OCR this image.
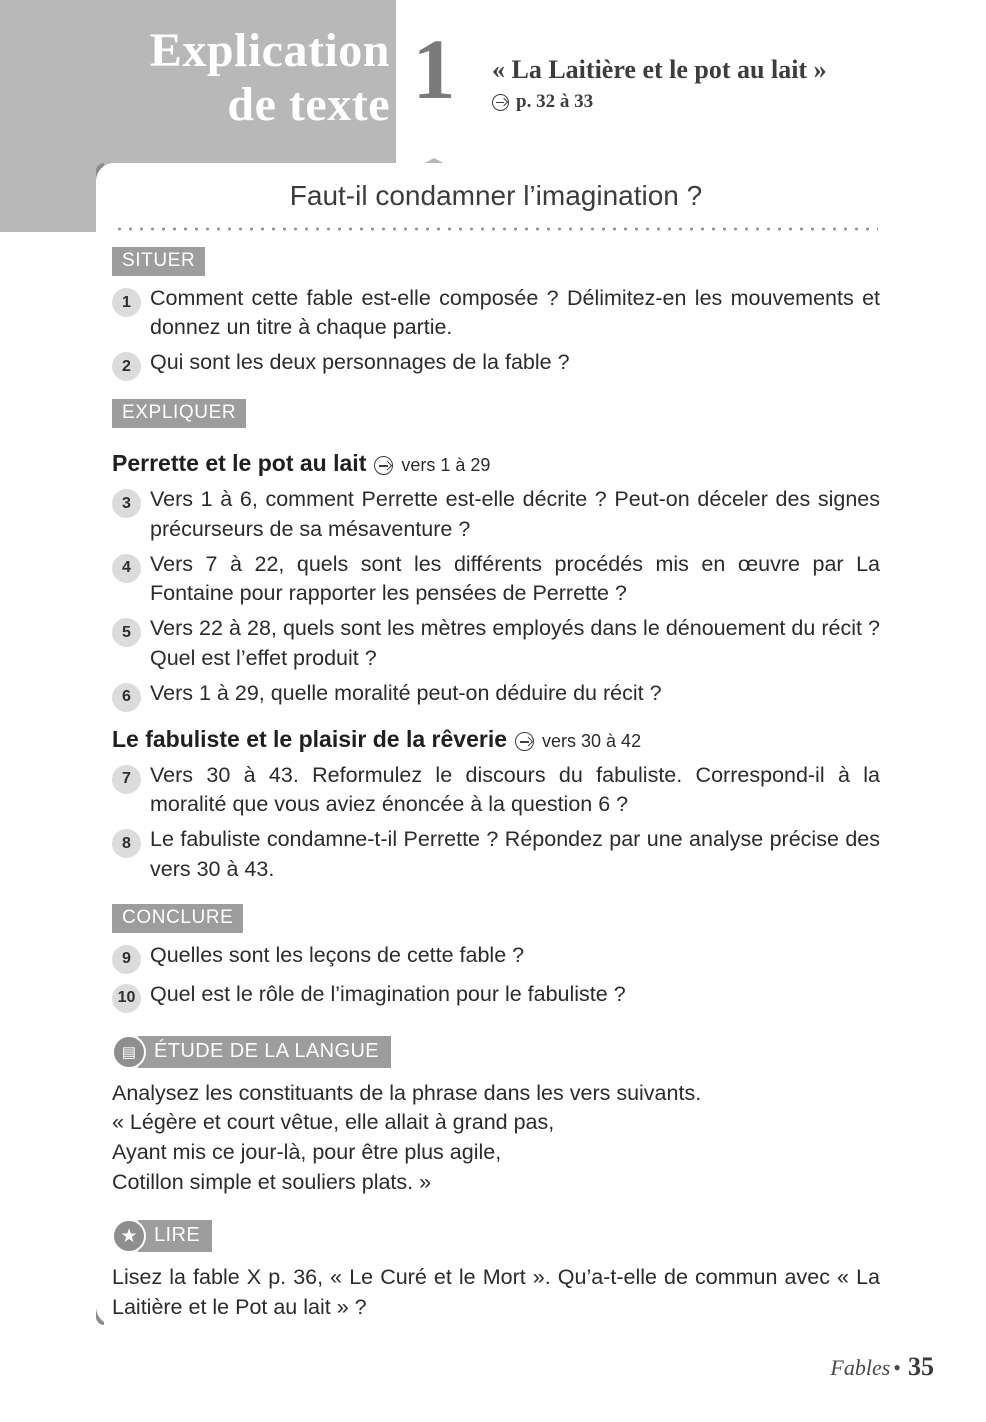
Explication
de texte 1	« La Laitière et le pot au lait »
p. 32 à 33
Faut-il condamner l’imagination ?
SITUER
1 Comment cette fable est-elle composée ? Délimitez-en les mouvements et donnez un titre à chaque partie.
2 Qui sont les deux personnages de la fable ?
EXPLIQUER
Perrette et le pot au lait vers 1 à 29
3 Vers 1 à 6, comment Perrette est-elle décrite ? Peut-on déceler des signes précurseurs de sa mésaventure ?
4 Vers 7 à 22, quels sont les différents procédés mis en œuvre par La Fontaine pour rapporter les pensées de Perrette ?
5 Vers 22 à 28, quels sont les mètres employés dans le dénouement du récit ? Quel est l’effet produit ?
6 Vers 1 à 29, quelle moralité peut-on déduire du récit ?
Le fabuliste et le plaisir de la rêverie vers 30 à 42
7 Vers 30 à 43. Reformulez le discours du fabuliste. Correspond-il à la moralité que vous aviez énoncée à la question 6 ?
8 Le fabuliste condamne-t-il Perrette ? Répondez par une analyse précise des vers 30 à 43.
CONCLURE
9 Quelles sont les leçons de cette fable ?
10 Quel est le rôle de l’imagination pour le fabuliste ?
▤ ÉTUDE DE LA LANGUE

Analysez les constituants de la phrase dans les vers suivants.

« Légère et court vêtue, elle allait à grand pas,

Ayant mis ce jour-là, pour être plus agile,

Cotillon simple et souliers plats. »

★ LIRE

Lisez la fable X p. 36, « Le Curé et le Mort ». Qu’a-t-elle de commun avec « La Laitière et le Pot au lait » ?

Fables • 35
